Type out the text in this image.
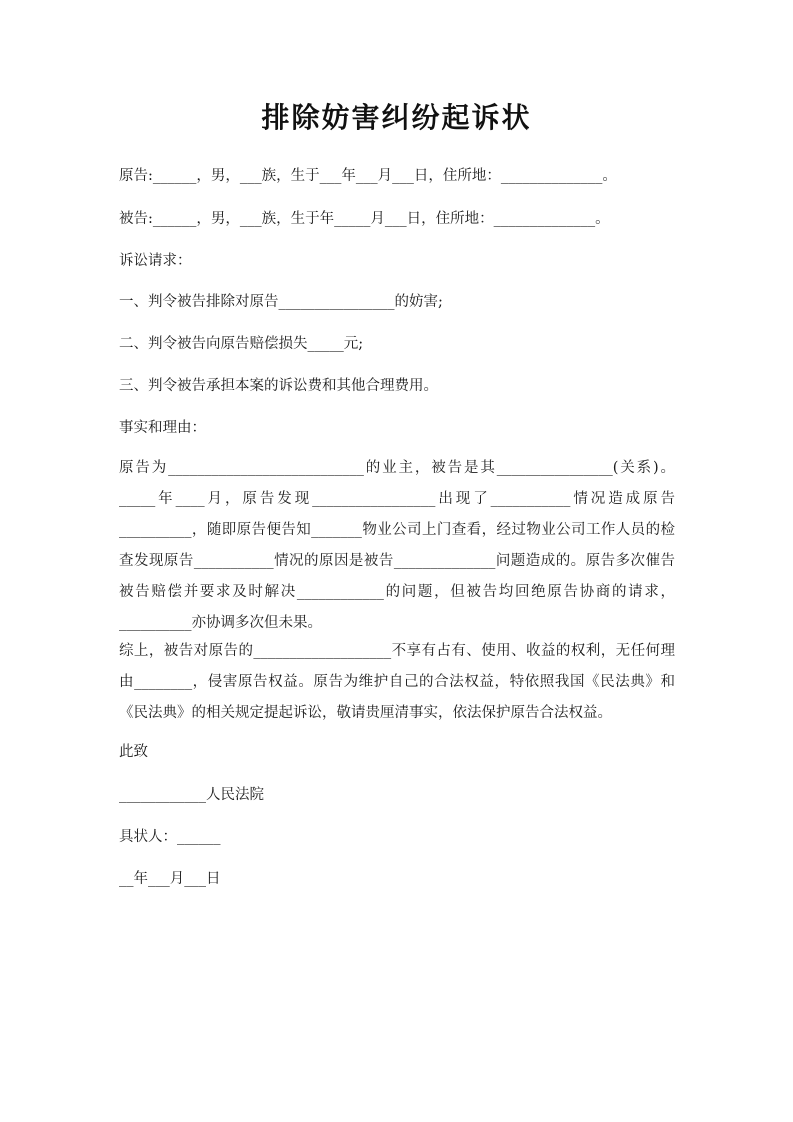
排除妨害纠纷起诉状
原告:______，男，___族，生于___年___月___日，住所地：______________。
被告:______，男，___族，生于年_____月___日，住所地：______________。
诉讼请求：
一、判令被告排除对原告________________的妨害;
二、判令被告向原告赔偿损失_____元;
三、判令被告承担本案的诉讼费和其他合理费用。
事实和理由：
原告为___________________________的业主，被告是其________________(关系)。_____年____月，原告发现_________________出现了___________情况造成原告__________，随即原告便告知_______物业公司上门查看，经过物业公司工作人员的检查发现原告___________情况的原因是被告______________问题造成的。原告多次催告被告赔偿并要求及时解决____________的问题，但被告均回绝原告协商的请求，__________亦协调多次但未果。
综上，被告对原告的___________________不享有占有、使用、收益的权利，无任何理由________，侵害原告权益。原告为维护自己的合法权益，特依照我国《民法典》和《民法典》的相关规定提起诉讼，敬请贵厘清事实，依法保护原告合法权益。
此致
____________人民法院
具状人：______
__年___月___日
